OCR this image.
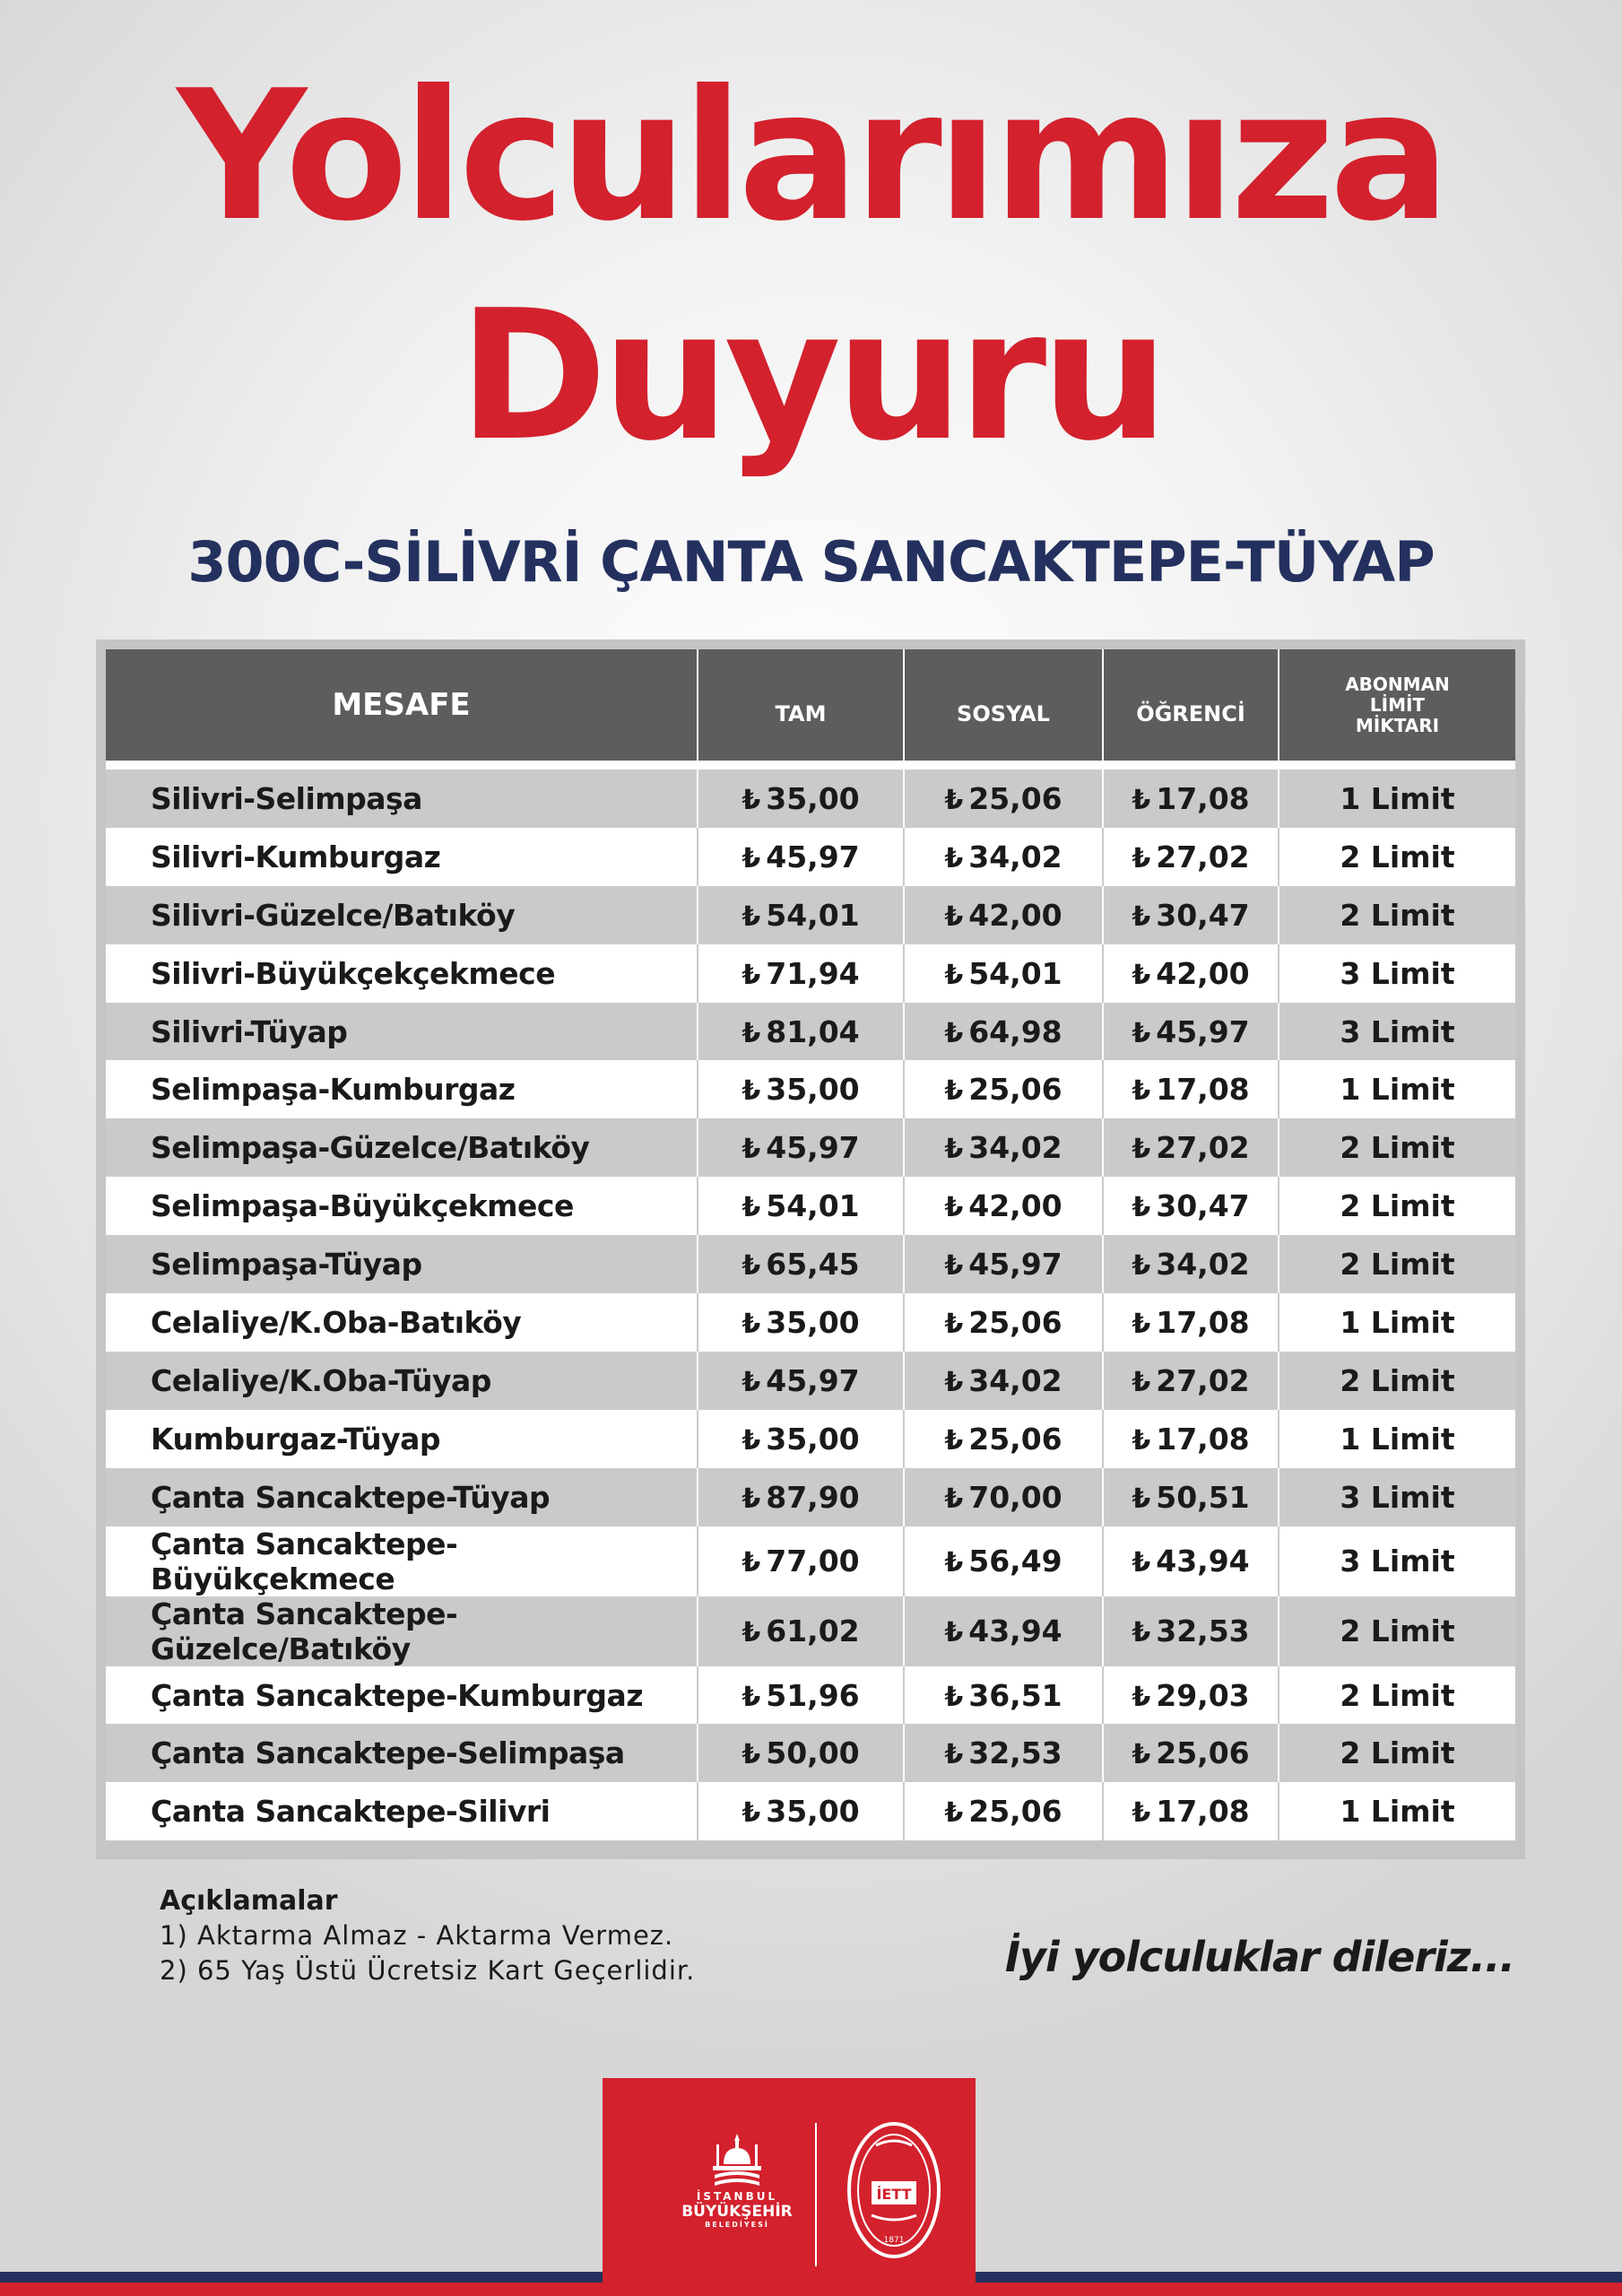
Yolcularımıza
Duyuru
300C-SİLİVRİ ÇANTA SANCAKTEPE-TÜYAP
MESAFE	TAM	SOSYAL	ÖĞRENCİ	ABONMAN LİMİT MİKTARI
Silivri-Selimpaşa	₺ 35,00	₺ 25,06	₺ 17,08	1 Limit
Silivri-Kumburgaz	₺ 45,97	₺ 34,02	₺ 27,02	2 Limit
Silivri-Güzelce/Batıköy	₺ 54,01	₺ 42,00	₺ 30,47	2 Limit
Silivri-Büyükçekçekmece	₺ 71,94	₺ 54,01	₺ 42,00	3 Limit
Silivri-Tüyap	₺ 81,04	₺ 64,98	₺ 45,97	3 Limit
Selimpaşa-Kumburgaz	₺ 35,00	₺ 25,06	₺ 17,08	1 Limit
Selimpaşa-Güzelce/Batıköy	₺ 45,97	₺ 34,02	₺ 27,02	2 Limit
Selimpaşa-Büyükçekmece	₺ 54,01	₺ 42,00	₺ 30,47	2 Limit
Selimpaşa-Tüyap	₺ 65,45	₺ 45,97	₺ 34,02	2 Limit
Celaliye/K.Oba-Batıköy	₺ 35,00	₺ 25,06	₺ 17,08	1 Limit
Celaliye/K.Oba-Tüyap	₺ 45,97	₺ 34,02	₺ 27,02	2 Limit
Kumburgaz-Tüyap	₺ 35,00	₺ 25,06	₺ 17,08	1 Limit
Çanta Sancaktepe-Tüyap	₺ 87,90	₺ 70,00	₺ 50,51	3 Limit
Çanta Sancaktepe-Büyükçekmece	₺ 77,00	₺ 56,49	₺ 43,94	3 Limit
Çanta Sancaktepe-Güzelce/Batıköy	₺ 61,02	₺ 43,94	₺ 32,53	2 Limit
Çanta Sancaktepe-Kumburgaz	₺ 51,96	₺ 36,51	₺ 29,03	2 Limit
Çanta Sancaktepe-Selimpaşa	₺ 50,00	₺ 32,53	₺ 25,06	2 Limit
Çanta Sancaktepe-Silivri	₺ 35,00	₺ 25,06	₺ 17,08	1 Limit
Açıklamalar
1) Aktarma Almaz - Aktarma Vermez.
2) 65 Yaş Üstü Ücretsiz Kart Geçerlidir.	İyi yolculuklar dileriz...
İSTANBUL
BÜYÜKŞEHİR
BELEDİYESİ
İETT
1871
